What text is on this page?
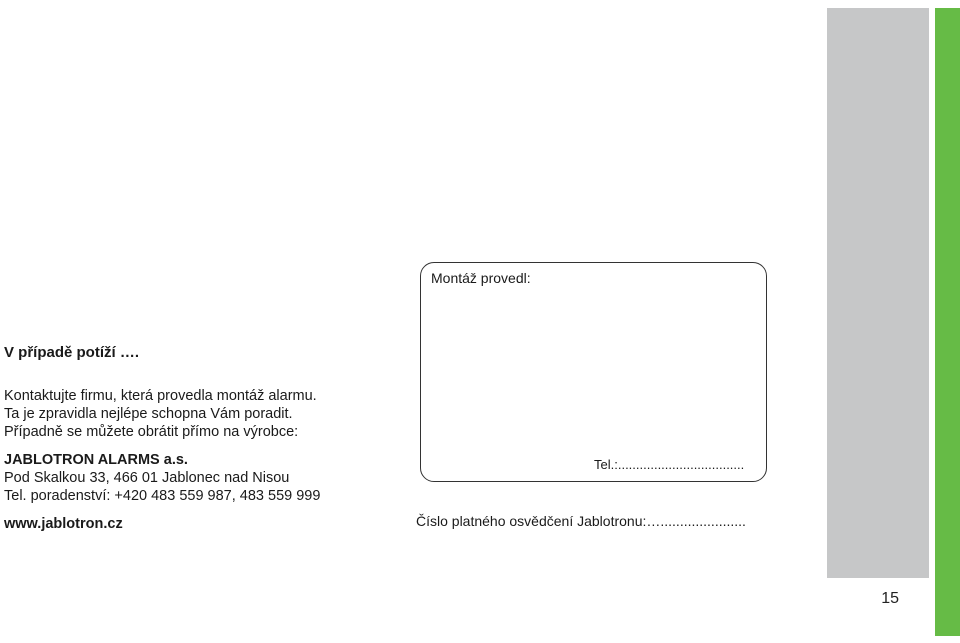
15
V případě potíží ….
Kontaktujte firmu, která provedla montáž alarmu.
Ta je zpravidla nejlépe schopna Vám poradit.
Případně se můžete obrátit přímo na výrobce:
JABLOTRON ALARMS a.s.
Pod Skalkou 33, 466 01 Jablonec nad Nisou
Tel. poradenství: +420 483 559 987, 483 559 999
www.jablotron.cz
Montáž provedl:
Tel.:...................................
Číslo platného osvědčení Jablotronu:…......................
